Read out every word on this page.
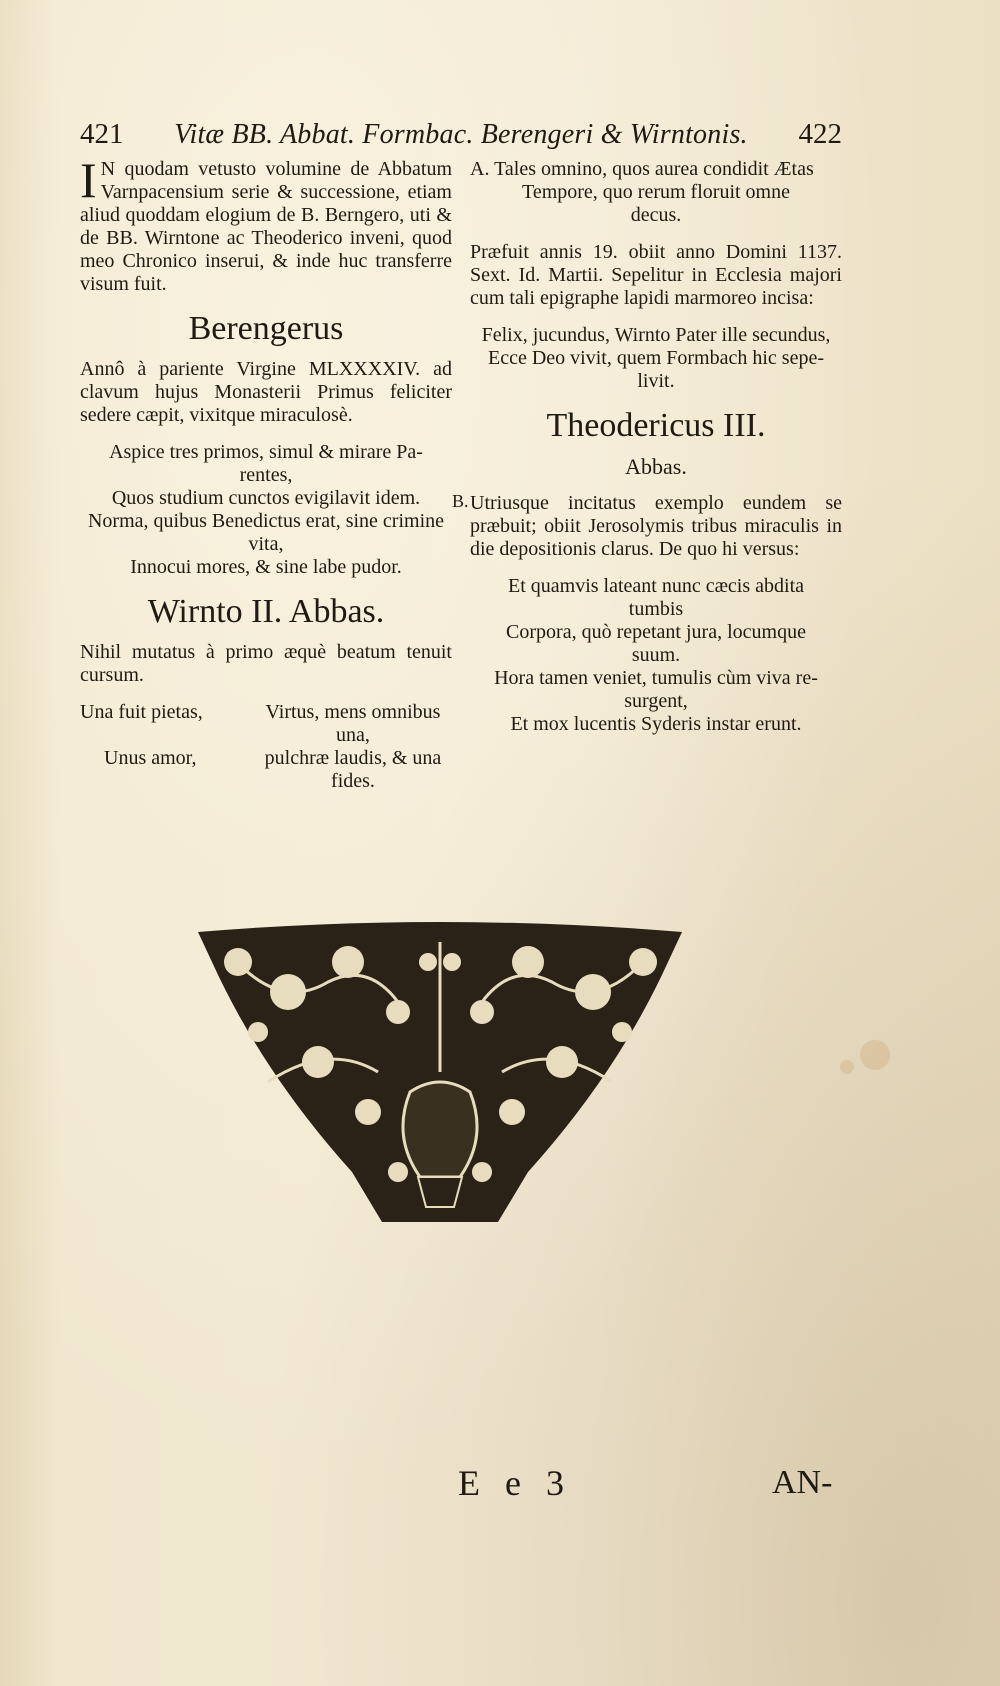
421 Vitæ BB. Abbat. Formbac. Berengeri & Wirntonis. 422

I N quodam vetusto volumine de Abbatum Varnpacensium serie & successione, etiam aliud quoddam elogium de B. Berngero, uti & de BB. Wirntone ac Theoderico inveni, quod meo Chronico inserui, & inde huc transferre visum fuit.

Berengerus

Annô à pariente Virgine MLXXXXIV. ad clavum hujus Monasterii Primus feliciter sedere cæpit, vixitque miraculosè.

Aspice tres primos, simul & mirare Pa-

rentes,

Quos studium cunctos evigilavit idem.

Norma, quibus Benedictus erat, sine crimine vita,

Innocui mores, & sine labe pudor.

Wirnto II. Abbas.

Nihil mutatus à primo æquè beatum tenuit cursum.

Una fuit pietas,	Virtus, mens omnibus una,
Unus amor,	pulchræ laudis, & una fides.
B.

A. Tales omnino, quos aurea condidit Ætas

Tempore, quo rerum floruit omne

decus.

Præfuit annis 19. obiit anno Domini 1137. Sext. Id. Martii. Sepelitur in Ecclesia majori cum tali epigraphe lapidi marmoreo incisa:

Felix, jucundus, Wirnto Pater ille secundus,

Ecce Deo vivit, quem Formbach hic sepe-

livit.

Theodericus III.
Abbas.

Utriusque incitatus exemplo eundem se præbuit; obiit Jerosolymis tribus miraculis in die depositionis clarus. De quo hi versus:

Et quamvis lateant nunc cæcis abdita

tumbis

Corpora, quò repetant jura, locumque

suum.

Hora tamen veniet, tumulis cùm viva re-

surgent,

Et mox lucentis Syderis instar erunt.

E e 3	AN-
